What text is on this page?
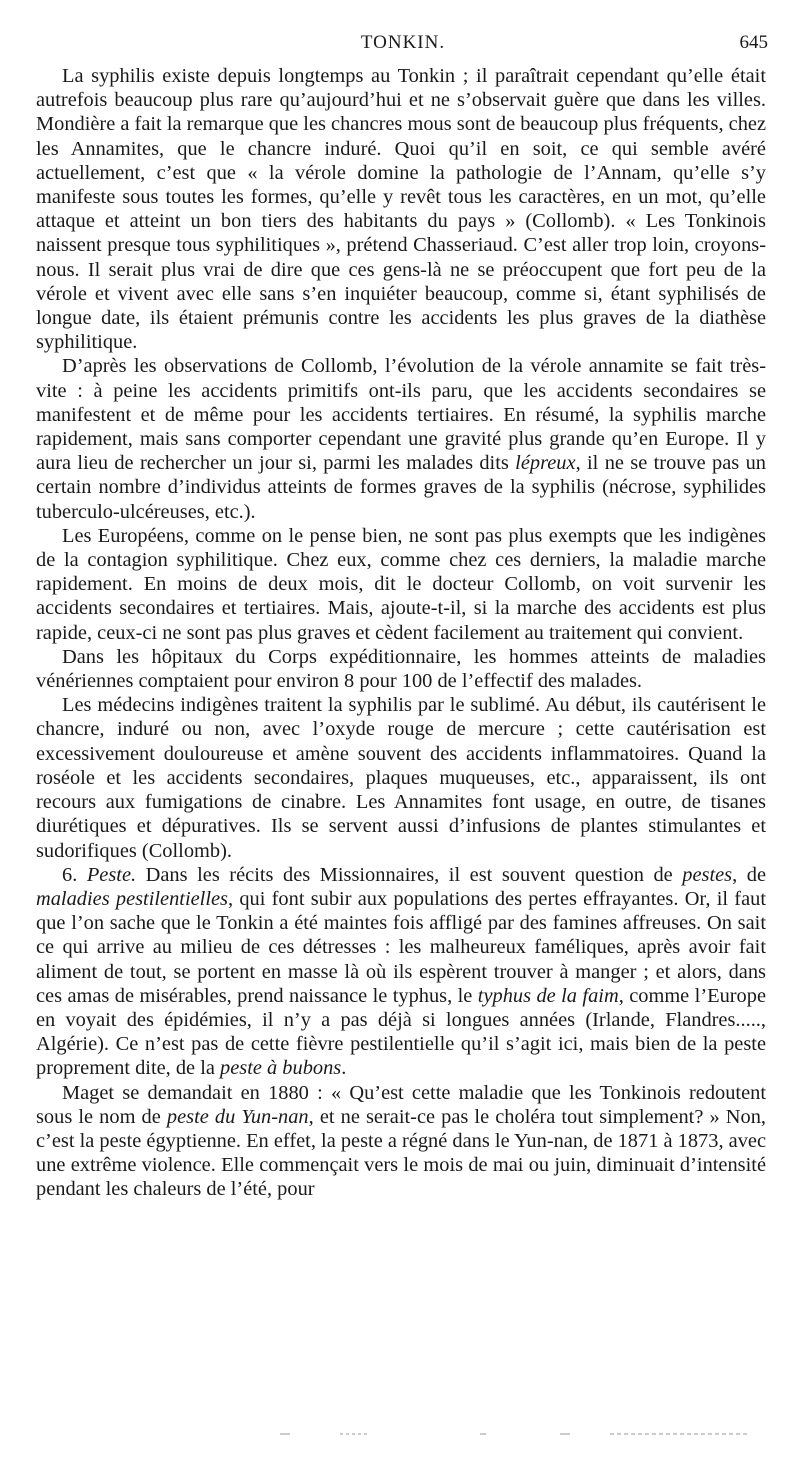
TONKIN.	645

La syphilis existe depuis longtemps au Tonkin ; il paraîtrait cependant qu’elle était autrefois beaucoup plus rare qu’aujourd’hui et ne s’observait guère que dans les villes. Mondière a fait la remarque que les chancres mous sont de beaucoup plus fréquents, chez les Annamites, que le chancre induré. Quoi qu’il en soit, ce qui semble avéré actuellement, c’est que « la vérole domine la pathologie de l’Annam, qu’elle s’y manifeste sous toutes les formes, qu’elle y revêt tous les caractères, en un mot, qu’elle attaque et atteint un bon tiers des habitants du pays » (Collomb). « Les Tonkinois naissent presque tous syphilitiques », prétend Chasseriaud. C’est aller trop loin, croyons-nous. Il serait plus vrai de dire que ces gens-là ne se préoccupent que fort peu de la vérole et vivent avec elle sans s’en inquiéter beaucoup, comme si, étant syphilisés de longue date, ils étaient prémunis contre les accidents les plus graves de la diathèse syphilitique.

D’après les observations de Collomb, l’évolution de la vérole annamite se fait très-vite : à peine les accidents primitifs ont-ils paru, que les accidents secondaires se manifestent et de même pour les accidents tertiaires. En résumé, la syphilis marche rapidement, mais sans comporter cependant une gravité plus grande qu’en Europe. Il y aura lieu de rechercher un jour si, parmi les malades dits lépreux, il ne se trouve pas un certain nombre d’individus atteints de formes graves de la syphilis (nécrose, syphilides tuberculo-ulcéreuses, etc.).

Les Européens, comme on le pense bien, ne sont pas plus exempts que les indigènes de la contagion syphilitique. Chez eux, comme chez ces derniers, la maladie marche rapidement. En moins de deux mois, dit le docteur Collomb, on voit survenir les accidents secondaires et tertiaires. Mais, ajoute-t-il, si la marche des accidents est plus rapide, ceux-ci ne sont pas plus graves et cèdent facilement au traitement qui convient.

Dans les hôpitaux du Corps expéditionnaire, les hommes atteints de maladies vénériennes comptaient pour environ 8 pour 100 de l’effectif des malades.

Les médecins indigènes traitent la syphilis par le sublimé. Au début, ils cautérisent le chancre, induré ou non, avec l’oxyde rouge de mercure ; cette cautérisation est excessivement douloureuse et amène souvent des accidents inflammatoires. Quand la roséole et les accidents secondaires, plaques muqueuses, etc., apparaissent, ils ont recours aux fumigations de cinabre. Les Annamites font usage, en outre, de tisanes diurétiques et dépuratives. Ils se servent aussi d’infusions de plantes stimulantes et sudorifiques (Collomb).

6. Peste. Dans les récits des Missionnaires, il est souvent question de pestes, de maladies pestilentielles, qui font subir aux populations des pertes effrayantes. Or, il faut que l’on sache que le Tonkin a été maintes fois affligé par des famines affreuses. On sait ce qui arrive au milieu de ces détresses : les malheureux faméliques, après avoir fait aliment de tout, se portent en masse là où ils espèrent trouver à manger ; et alors, dans ces amas de misérables, prend naissance le typhus, le typhus de la faim, comme l’Europe en voyait des épidémies, il n’y a pas déjà si longues années (Irlande, Flandres....., Algérie). Ce n’est pas de cette fièvre pestilentielle qu’il s’agit ici, mais bien de la peste proprement dite, de la peste à bubons.

Maget se demandait en 1880 : « Qu’est cette maladie que les Tonkinois redoutent sous le nom de peste du Yun-nan, et ne serait-ce pas le choléra tout simplement? » Non, c’est la peste égyptienne. En effet, la peste a régné dans le Yun-nan, de 1871 à 1873, avec une extrême violence. Elle commençait vers le mois de mai ou juin, diminuait d’intensité pendant les chaleurs de l’été, pour
